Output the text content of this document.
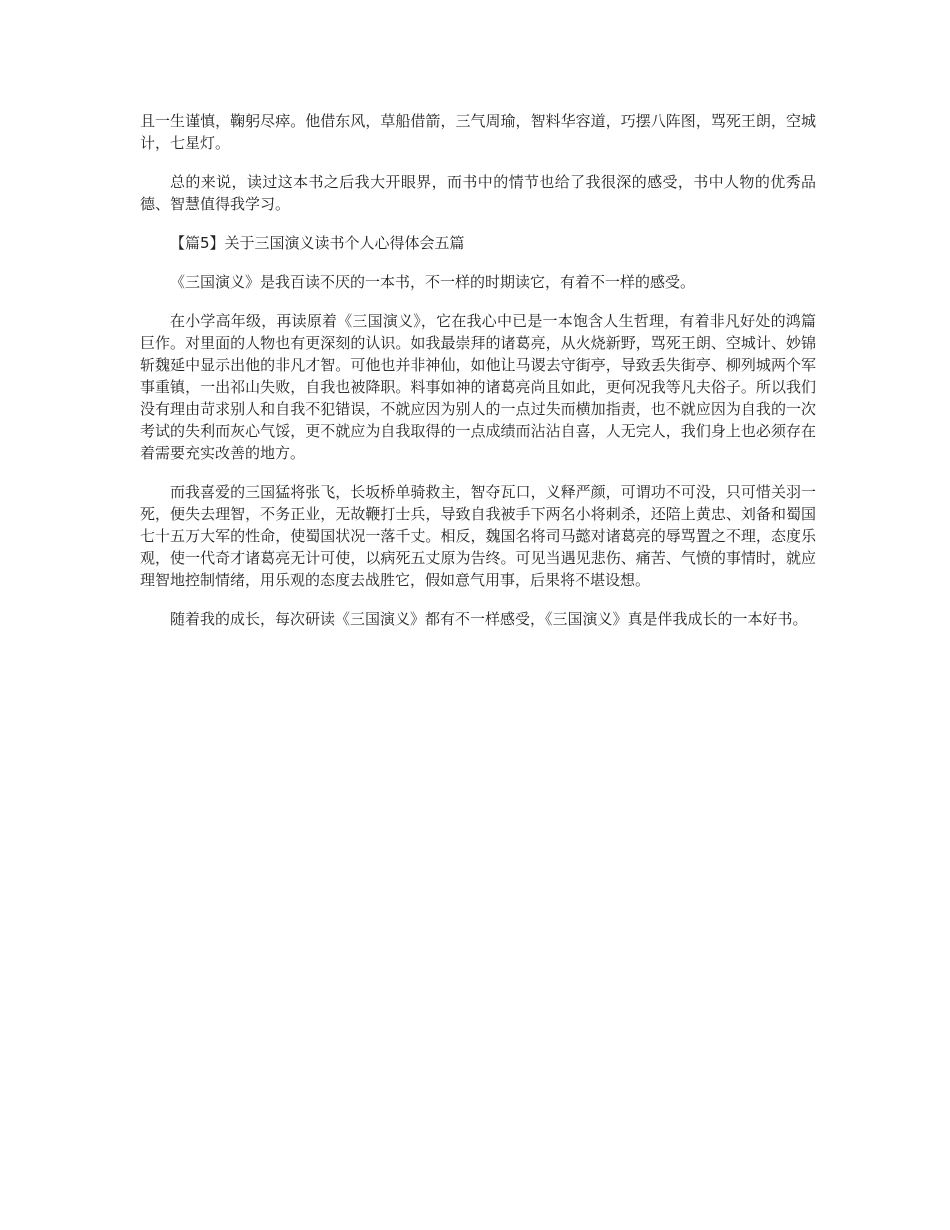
且一生谨慎，鞠躬尽瘁。他借东风，草船借箭，三气周瑜，智料华容道，巧摆八阵图，骂死王朗，空城计，七星灯。

总的来说，读过这本书之后我大开眼界，而书中的情节也给了我很深的感受，书中人物的优秀品德、智慧值得我学习。

【篇5】关于三国演义读书个人心得体会五篇

《三国演义》是我百读不厌的一本书，不一样的时期读它，有着不一样的感受。

在小学高年级，再读原着《三国演义》，它在我心中已是一本饱含人生哲理，有着非凡好处的鸿篇巨作。对里面的人物也有更深刻的认识。如我最崇拜的诸葛亮，从火烧新野，骂死王朗、空城计、妙锦斩魏延中显示出他的非凡才智。可他也并非神仙，如他让马谡去守街亭，导致丢失街亭、柳列城两个军事重镇，一出祁山失败，自我也被降职。料事如神的诸葛亮尚且如此，更何况我等凡夫俗子。所以我们没有理由苛求别人和自我不犯错误，不就应因为别人的一点过失而横加指责，也不就应因为自我的一次考试的失利而灰心气馁，更不就应为自我取得的一点成绩而沾沾自喜，人无完人，我们身上也必须存在着需要充实改善的地方。

而我喜爱的三国猛将张飞，长坂桥单骑救主，智夺瓦口，义释严颜，可谓功不可没，只可惜关羽一死，便失去理智，不务正业，无故鞭打士兵，导致自我被手下两名小将刺杀，还陪上黄忠、刘备和蜀国七十五万大军的性命，使蜀国状况一落千丈。相反，魏国名将司马懿对诸葛亮的辱骂置之不理，态度乐观，使一代奇才诸葛亮无计可使，以病死五丈原为告终。可见当遇见悲伤、痛苦、气愤的事情时，就应理智地控制情绪，用乐观的态度去战胜它，假如意气用事，后果将不堪设想。

随着我的成长，每次研读《三国演义》都有不一样感受，《三国演义》真是伴我成长的一本好书。
